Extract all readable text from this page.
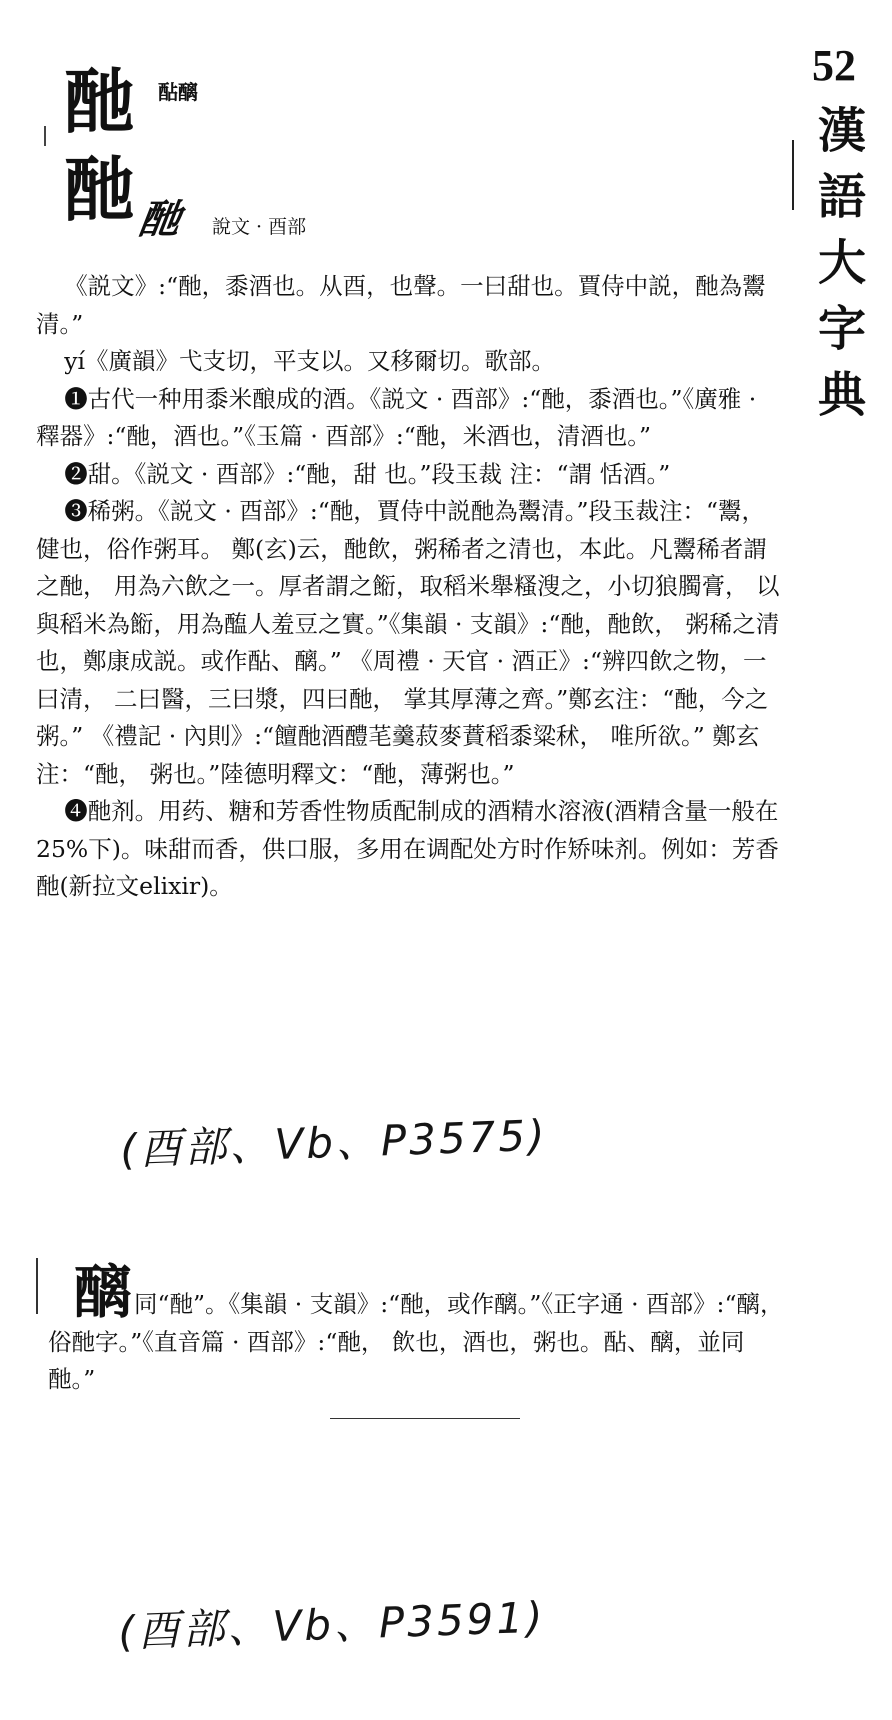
52
漢語大字典
酏 酟醨
酏 酏 說文 · 酉部

《説文》:“酏，黍酒也。从酉，也聲。一曰甜也。賈侍中説，酏為鬻清。”

yí《廣韻》弋支切，平支以。又移爾切。歌部。

❶古代一种用黍米酿成的酒。《説文 · 酉部》:“酏，黍酒也。”《廣雅 · 釋器》:“酏，酒也。”《玉篇 · 酉部》:“酏，米酒也，清酒也。”

❷甜。《説文 · 酉部》:“酏，甜 也。”段玉裁 注：“謂 恬酒。”

❸稀粥。《説文 · 酉部》:“酏，賈侍中説酏為鬻清。”段玉裁注：“鬻，健也，俗作粥耳。 鄭(玄)云，酏飲，粥稀者之清也，本此。凡鬻稀者謂之酏， 用為六飲之一。厚者謂之餰，取稻米舉糔溲之，小切狼臅膏， 以與稻米為餰，用為醢人羞豆之實。”《集韻 · 支韻》:“酏，酏飲， 粥稀之清也，鄭康成説。或作酟、醨。” 《周禮 · 天官 · 酒正》:“辨四飲之物，一曰清， 二曰醫，三曰漿，四曰酏， 掌其厚薄之齊。”鄭玄注：“酏，今之粥。” 《禮記 · 內則》:“饘酏酒醴芼羹菽麥蕡稻黍粱秫， 唯所欲。” 鄭玄注：“酏， 粥也。”陸德明釋文：“酏，薄粥也。”

❹酏剂。用药、糖和芳香性物质配制成的酒精水溶液(酒精含量一般在25%下)。味甜而香，供口服，多用在调配处方时作矫味剂。例如：芳香酏(新拉文elixir)。

(酉部、Vb、P3575)

醨同“酏”。《集韻 · 支韻》:“酏，或作醨。”《正字通 · 酉部》:“醨，俗酏字。”《直音篇 · 酉部》:“酏， 飲也，酒也，粥也。酟、醨，並同酏。”

(酉部、Vb、P3591)
